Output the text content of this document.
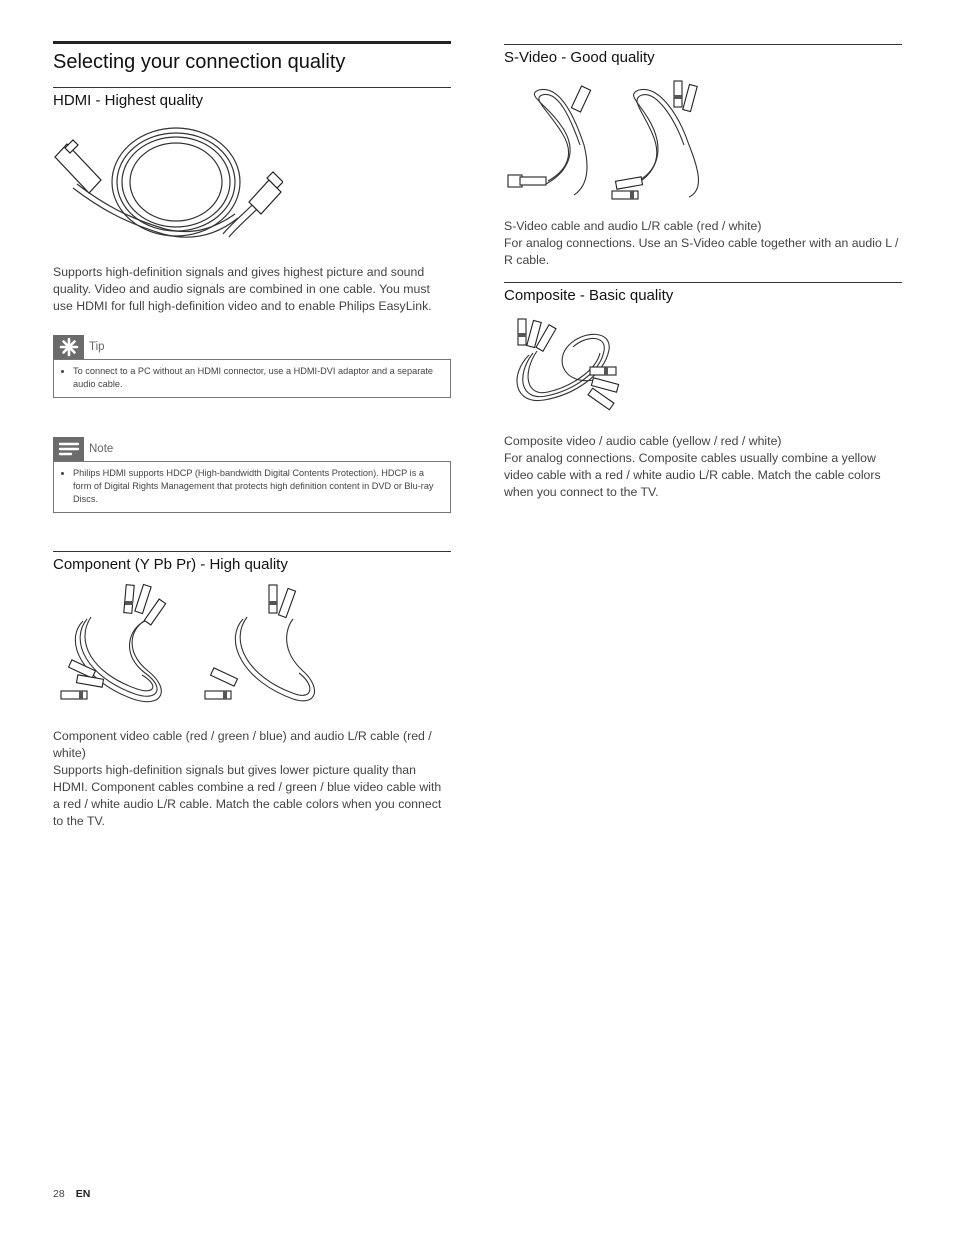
Selecting your connection quality
HDMI - Highest quality

Supports high-definition signals and gives highest picture and sound quality. Video and audio signals are combined in one cable. You must use HDMI for full high-definition video and to enable Philips EasyLink.

Tip
• To connect to a PC without an HDMI connector, use a HDMI-DVI adaptor and a separate audio cable.
Note
• Philips HDMI supports HDCP (High-bandwidth Digital Contents Protection). HDCP is a form of Digital Rights Management that protects high definition content in DVD or Blu-ray Discs.
Component (Y Pb Pr) - High quality

Component video cable (red / green / blue) and audio L/R cable (red / white)

Supports high-definition signals but gives lower picture quality than HDMI. Component cables combine a red / green / blue video cable with a red / white audio L/R cable. Match the cable colors when you connect to the TV.

S-Video - Good quality

S-Video cable and audio L/R cable (red / white)

For analog connections. Use an S-Video cable together with an audio L / R cable.

Composite - Basic quality

Composite video / audio cable (yellow / red / white)

For analog connections. Composite cables usually combine a yellow video cable with a red / white audio L/R cable. Match the cable colors when you connect to the TV.

28 EN
